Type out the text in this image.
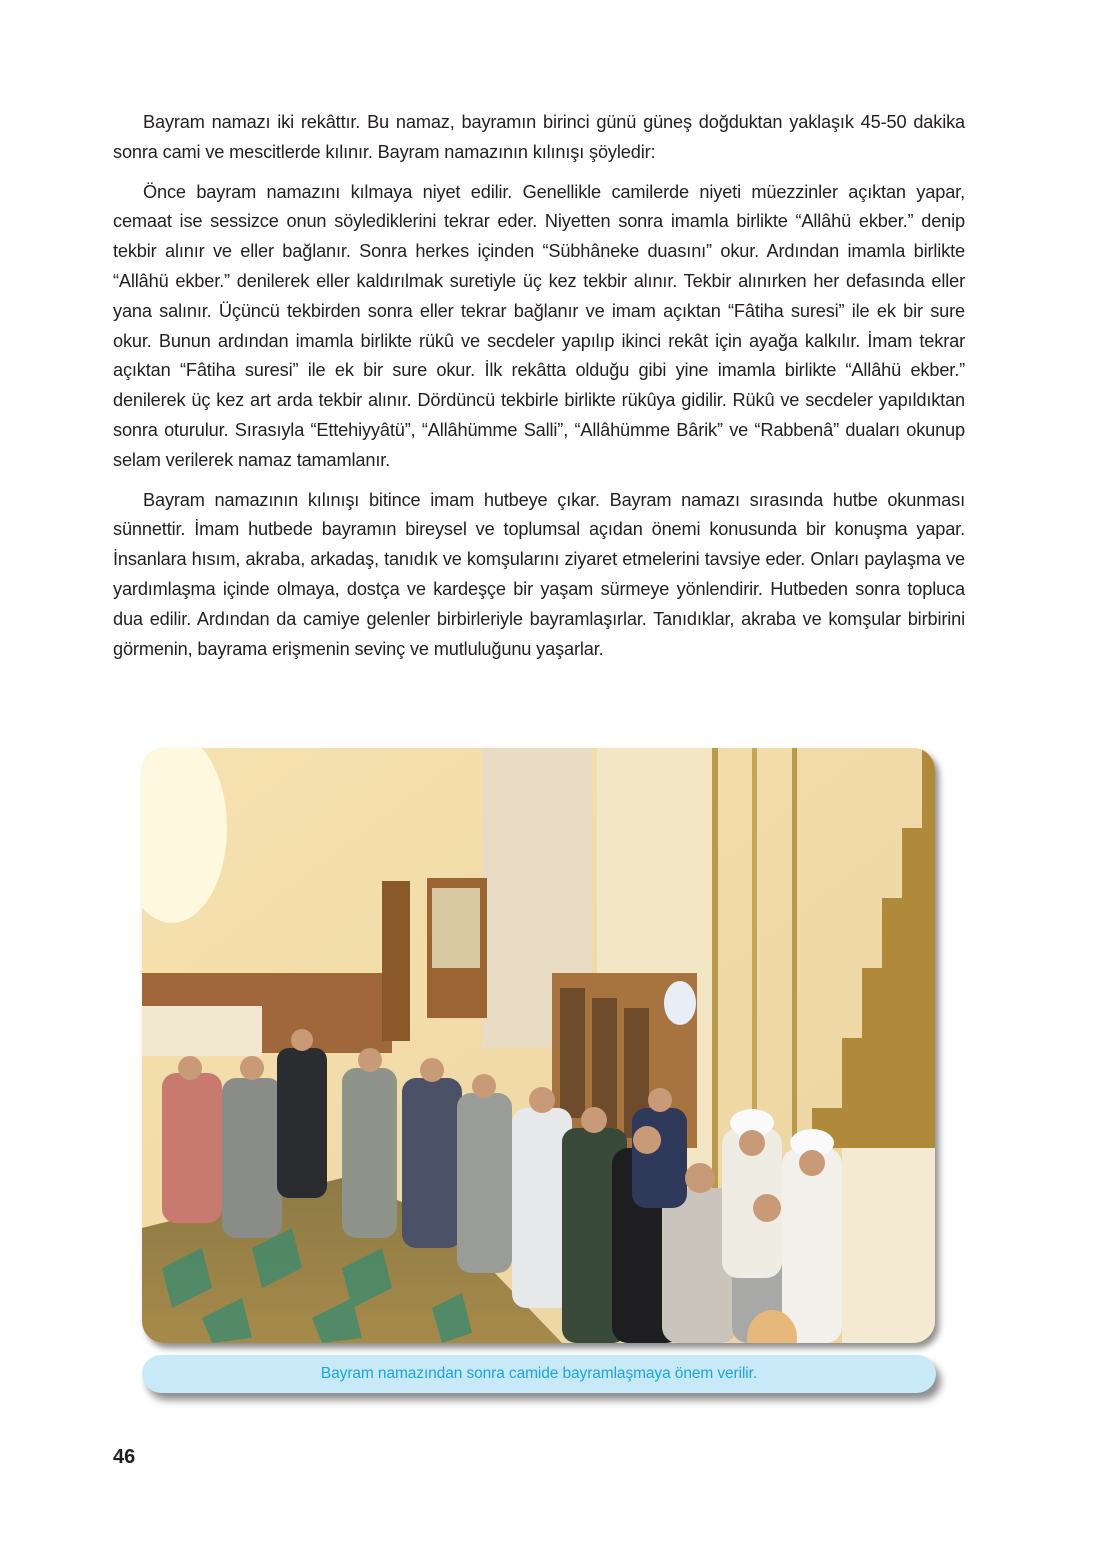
Bayram namazı iki rekâttır. Bu namaz, bayramın birinci günü güneş doğduktan yaklaşık 45-50 dakika sonra cami ve mescitlerde kılınır. Bayram namazının kılınışı şöyledir:

Önce bayram namazını kılmaya niyet edilir. Genellikle camilerde niyeti müezzinler açıktan yapar, cemaat ise sessizce onun söylediklerini tekrar eder. Niyetten sonra imamla birlikte “Allâhü ekber.” denip tekbir alınır ve eller bağlanır. Sonra herkes içinden “Sübhâneke duasını” okur. Ardından imamla birlikte “Allâhü ekber.” denilerek eller kaldırılmak suretiyle üç kez tekbir alınır. Tekbir alınırken her defasında eller yana salınır. Üçüncü tekbirden sonra eller tekrar bağlanır ve imam açıktan “Fâtiha suresi” ile ek bir sure okur. Bunun ardından imamla birlikte rükû ve secdeler yapılıp ikinci rekât için ayağa kalkılır. İmam tekrar açıktan “Fâtiha suresi” ile ek bir sure okur. İlk rekâtta olduğu gibi yine imamla birlikte “Allâhü ekber.” denilerek üç kez art arda tekbir alınır. Dördüncü tekbirle birlikte rükûya gidilir. Rükû ve secdeler yapıldıktan sonra oturulur. Sırasıyla “Ettehiyyâtü”, “Allâhümme Salli”, “Allâhümme Bârik” ve “Rabbenâ” duaları okunup selam verilerek namaz tamamlanır.

Bayram namazının kılınışı bitince imam hutbeye çıkar. Bayram namazı sırasında hutbe okunması sünnettir. İmam hutbede bayramın bireysel ve toplumsal açıdan önemi konusunda bir konuşma yapar. İnsanlara hısım, akraba, arkadaş, tanıdık ve komşularını ziyaret etmelerini tavsiye eder. Onları paylaşma ve yardımlaşma içinde olmaya, dostça ve kardeşçe bir yaşam sürmeye yönlendirir. Hutbeden sonra topluca dua edilir. Ardından da camiye gelenler birbirleriyle bayramlaşırlar. Tanıdıklar, akraba ve komşular birbirini görmenin, bayrama erişmenin sevinç ve mutluluğunu yaşarlar.

Bayram namazından sonra camide bayramlaşmaya önem verilir.
46
